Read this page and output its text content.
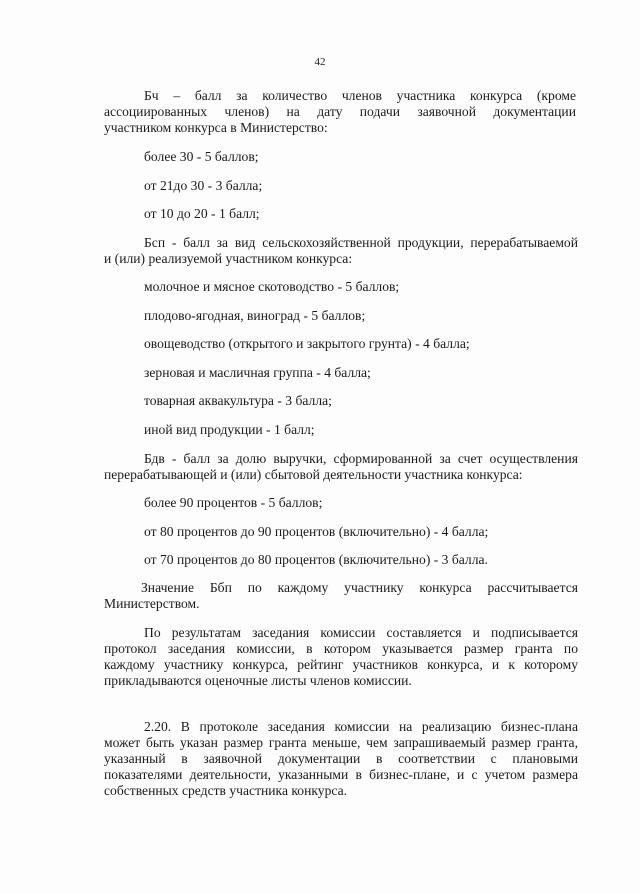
42
Бч – балл за количество членов участника конкурса (кроме
ассоциированных членов) на дату подачи заявочной документации
участником конкурса в Министерство:
более 30 - 5 баллов;
от 21до 30 - 3 балла;
от 10 до 20 - 1 балл;
Бсп - балл за вид сельскохозяйственной продукции, перерабатываемой
и (или) реализуемой участником конкурса:
молочное и мясное скотоводство - 5 баллов;
плодово-ягодная, виноград - 5 баллов;
овощеводство (открытого и закрытого грунта) - 4 балла;
зерновая и масличная группа - 4 балла;
товарная аквакультура - 3 балла;
иной вид продукции - 1 балл;
Бдв - балл за долю выручки, сформированной за счет осуществления
перерабатывающей и (или) сбытовой деятельности участника конкурса:
более 90 процентов - 5 баллов;
от 80 процентов до 90 процентов (включительно) - 4 балла;
от 70 процентов до 80 процентов (включительно) - 3 балла.
Значение Ббп по каждому участнику конкурса рассчитывается
Министерством.
По результатам заседания комиссии составляется и подписывается
протокол заседания комиссии, в котором указывается размер гранта по
каждому участнику конкурса, рейтинг участников конкурса, и к которому
прикладываются оценочные листы членов комиссии.
2.20. В протоколе заседания комиссии на реализацию бизнес-плана
может быть указан размер гранта меньше, чем запрашиваемый размер гранта,
указанный в заявочной документации в соответствии с плановыми
показателями деятельности, указанными в бизнес-плане, и с учетом размера
собственных средств участника конкурса.
